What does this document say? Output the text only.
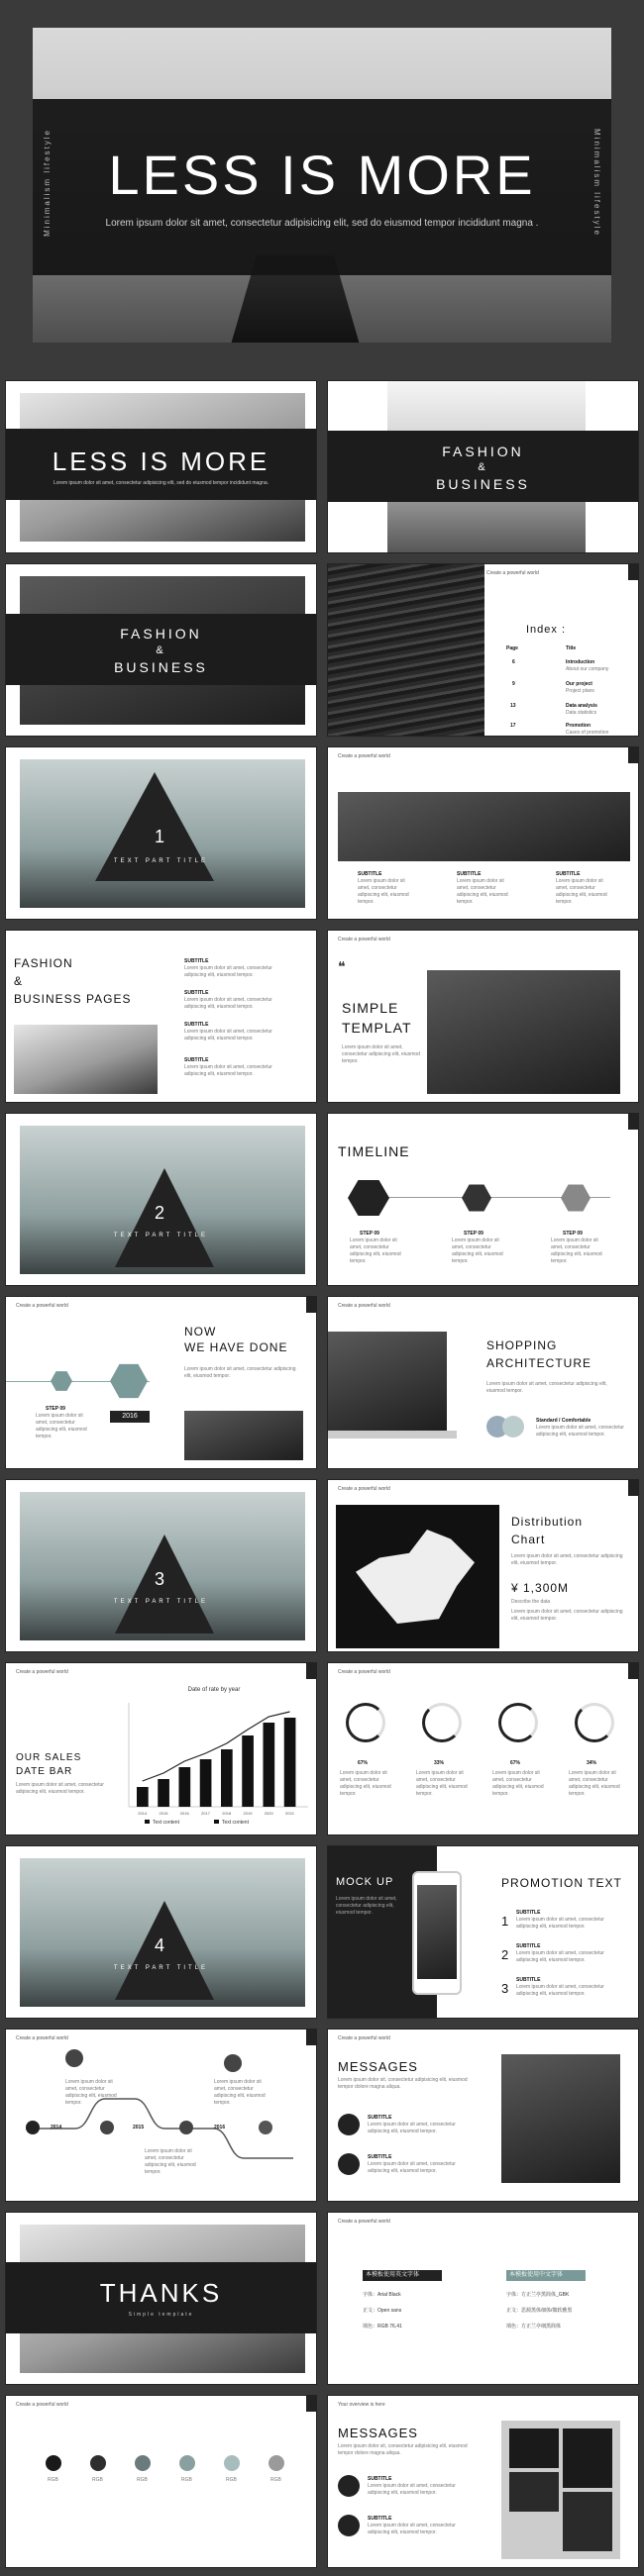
LESS IS MORE
Lorem ipsum dolor sit amet, consectetur adipisicing elit, sed do eiusmod tempor incididunt magna .
Minimalism lifestyle	Minimalism lifestyle
LESS IS MORE
Lorem ipsum dolor sit amet, consectetur adipisicing elit, sed do eiusmod tempor incididunt magna.
FASHION
&
BUSINESS
FASHION
&
BUSINESS
Create a powerful world
Index :
Page	Title
6	Introduction
About our company
9	Our project
Project plans
13	Data analysis
Data statistics
17	Promotion
Cases of promotion
1
TEXT PART TITLE
Create a powerful world
SUBTITLE
Lorem ipsum dolor sit amet, consectetur adipiscing elit, eiusmod tempor.
SUBTITLE
Lorem ipsum dolor sit amet, consectetur adipiscing elit, eiusmod tempor.
SUBTITLE
Lorem ipsum dolor sit amet, consectetur adipiscing elit, eiusmod tempor.
FASHION
&
BUSINESS PAGES
SUBTITLE
Lorem ipsum dolor sit amet, consectetur adipiscing elit, eiusmod tempor.
SUBTITLE
Lorem ipsum dolor sit amet, consectetur adipiscing elit, eiusmod tempor.
SUBTITLE
Lorem ipsum dolor sit amet, consectetur adipiscing elit, eiusmod tempor.
SUBTITLE
Lorem ipsum dolor sit amet, consectetur adipiscing elit, eiusmod tempor.
Create a powerful world
❝
SIMPLE
TEMPLAT
Lorem ipsum dolor sit amet, consectetur adipiscing elit, eiusmod tempor.
2
TEXT PART TITLE
TIMELINE
STEP 09
Lorem ipsum dolor sit amet, consectetur adipiscing elit, eiusmod tempor.
STEP 09
Lorem ipsum dolor sit amet, consectetur adipiscing elit, eiusmod tempor.
STEP 09
Lorem ipsum dolor sit amet, consectetur adipiscing elit, eiusmod tempor.
Create a powerful world
STEP 09
Lorem ipsum dolor sit amet, consectetur adipiscing elit, eiusmod tempor.
2016
NOW
WE HAVE DONE
Lorem ipsum dolor sit amet, consectetur adipiscing elit, eiusmod tempor.
Create a powerful world
SHOPPING
ARCHITECTURE
Lorem ipsum dolor sit amet, consectetur adipiscing elit, eiusmod tempor.
Standard / Comfortable
Lorem ipsum dolor sit amet, consectetur adipiscing elit, eiusmod tempor.
3
TEXT PART TITLE
Create a powerful world
Distribution
Chart
Lorem ipsum dolor sit amet, consectetur adipiscing elit, eiusmod tempor.
¥ 1,300M
Describe the data
Lorem ipsum dolor sit amet, consectetur adipiscing elit, eiusmod tempor.
Create a powerful world
OUR SALES
DATE BAR
Lorem ipsum dolor sit amet, consectetur adipiscing elit, eiusmod tempor.
Date of rate by year
2014	2015	2016	2017	2018	2019	2020	2021
Text content	Text content
Create a powerful world
67%	33%	67%	34%
Lorem ipsum dolor sit amet, consectetur adipiscing elit, eiusmod tempor.
Lorem ipsum dolor sit amet, consectetur adipiscing elit, eiusmod tempor.
Lorem ipsum dolor sit amet, consectetur adipiscing elit, eiusmod tempor.
Lorem ipsum dolor sit amet, consectetur adipiscing elit, eiusmod tempor.
4
TEXT PART TITLE
MOCK UP
Lorem ipsum dolor sit amet, consectetur adipiscing elit, eiusmod tempor.
PROMOTION TEXT
1
SUBTITLE
Lorem ipsum dolor sit amet, consectetur adipiscing elit, eiusmod tempor.
2
SUBTITLE
Lorem ipsum dolor sit amet, consectetur adipiscing elit, eiusmod tempor.
3
SUBTITLE
Lorem ipsum dolor sit amet, consectetur adipiscing elit, eiusmod tempor.
Create a powerful world
2014	2015	2016
Lorem ipsum dolor sit amet, consectetur adipiscing elit, eiusmod tempor.
Lorem ipsum dolor sit amet, consectetur adipiscing elit, eiusmod tempor.
Lorem ipsum dolor sit amet, consectetur adipiscing elit, eiusmod tempor.
Create a powerful world
MESSAGES
Lorem ipsum dolor sit, consectetur adipisicing elit, eiusmod tempor dolore magna aliqua.
SUBTITLE
Lorem ipsum dolor sit amet, consectetur adipiscing elit, eiusmod tempor.
SUBTITLE
Lorem ipsum dolor sit amet, consectetur adipiscing elit, eiusmod tempor.
THANKS
Simple template
Create a powerful world
本模板使用英文字体
字体：Arial Black
正文：Open sans
填色：RGB 76,41
本模板使用中文字体
字体：方正兰亭黑简体_GBK
正文：思源黑体细体/微软雅黑
填色：方正兰亭细黑简体
Create a powerful world
RGB	RGB	RGB	RGB	RGB	RGB
Your overview is here
MESSAGES
Lorem ipsum dolor sit, consectetur adipisicing elit, eiusmod tempor dolore magna aliqua.
SUBTITLE
Lorem ipsum dolor sit amet, consectetur adipiscing elit, eiusmod tempor.
SUBTITLE
Lorem ipsum dolor sit amet, consectetur adipiscing elit, eiusmod tempor.
